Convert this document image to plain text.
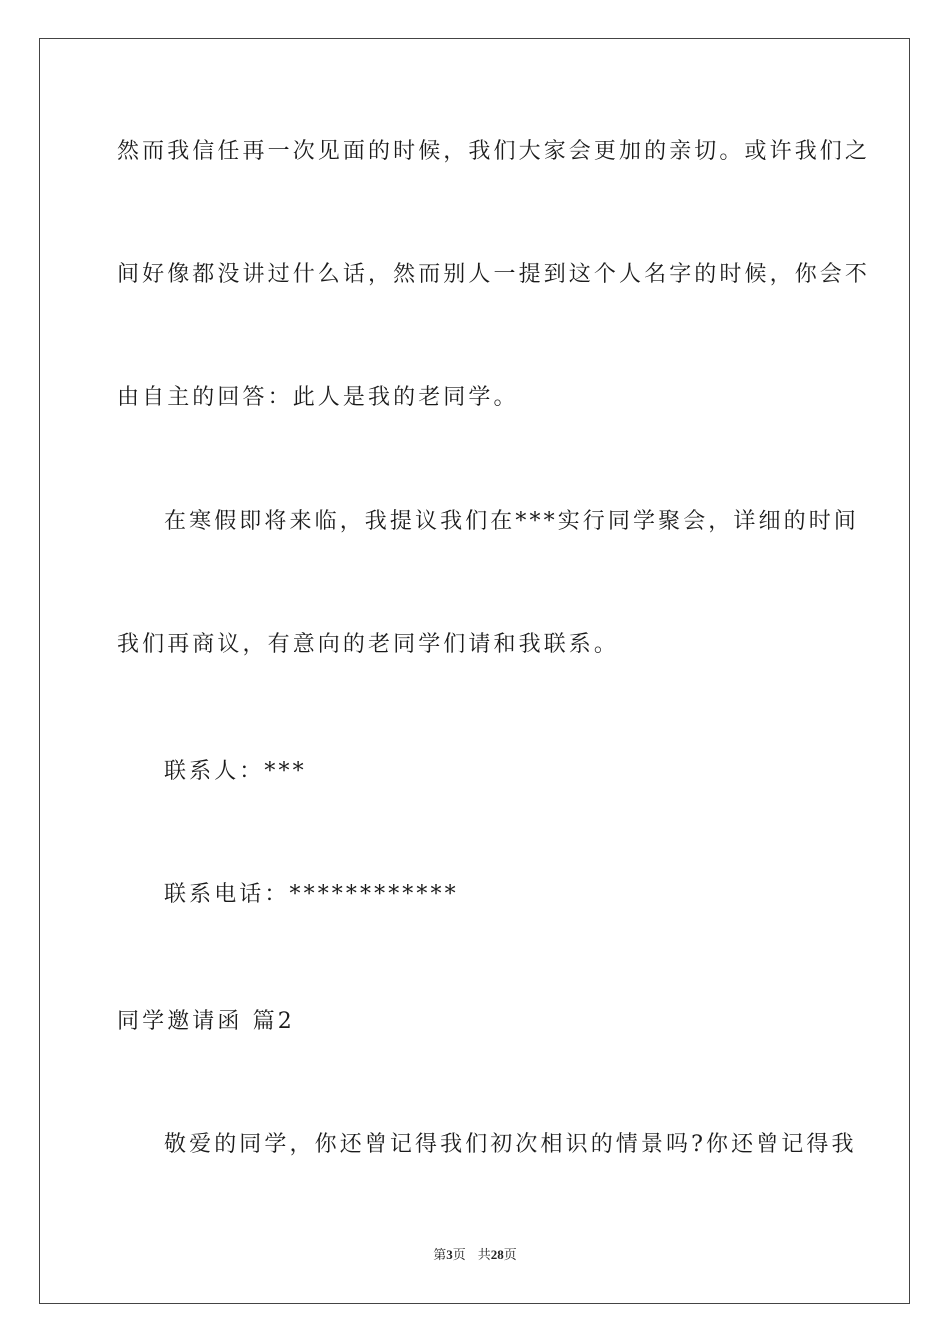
然而我信任再一次见面的时候，我们大家会更加的亲切。或许我们之
间好像都没讲过什么话，然而别人一提到这个人名字的时候，你会不
由自主的回答：此人是我的老同学。
在寒假即将来临，我提议我们在***实行同学聚会，详细的时间
我们再商议，有意向的老同学们请和我联系。
联系人：***
联系电话：************
同学邀请函 篇2
敬爱的同学，你还曾记得我们初次相识的情景吗?你还曾记得我
第3页 共28页
